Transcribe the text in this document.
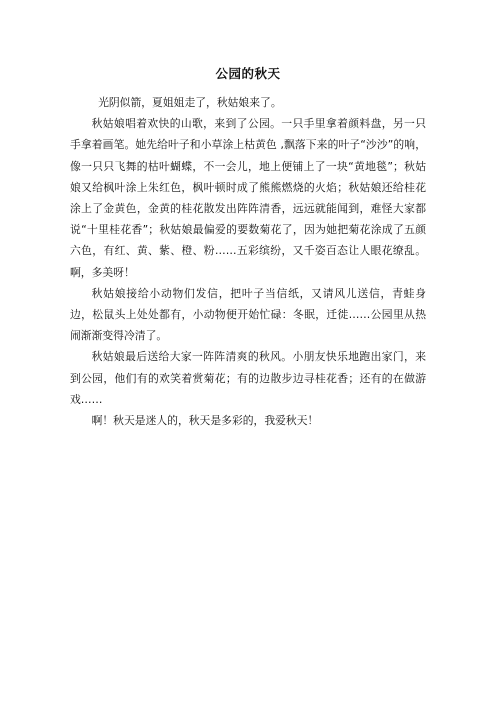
公园的秋天

光阴似箭，夏姐姐走了，秋姑娘来了。

秋姑娘唱着欢快的山歌，来到了公园。一只手里拿着颜料盘，另一只手拿着画笔。她先给叶子和小草涂上枯黄色 ,飘落下来的叶子“沙沙”的响，像一只只飞舞的枯叶蝴蝶，不一会儿，地上便铺上了一块“黄地毯”；秋姑娘又给枫叶涂上朱红色，枫叶顿时成了熊熊燃烧的火焰；秋姑娘还给桂花涂上了金黄色，金黄的桂花散发出阵阵清香，远远就能闻到，难怪大家都说“十里桂花香”；秋姑娘最偏爱的要数菊花了，因为她把菊花涂成了五颜六色，有红、黄、紫、橙、粉……五彩缤纷，又千姿百态让人眼花缭乱。啊，多美呀！

秋姑娘接给小动物们发信，把叶子当信纸，又请风儿送信，青蛙身边，松鼠头上处处都有，小动物便开始忙碌：冬眠，迁徙……公园里从热闹渐渐变得冷清了。

秋姑娘最后送给大家一阵阵清爽的秋风。小朋友快乐地跑出家门，来到公园，他们有的欢笑着赏菊花；有的边散步边寻桂花香；还有的在做游戏……

啊！秋天是迷人的，秋天是多彩的，我爱秋天！
